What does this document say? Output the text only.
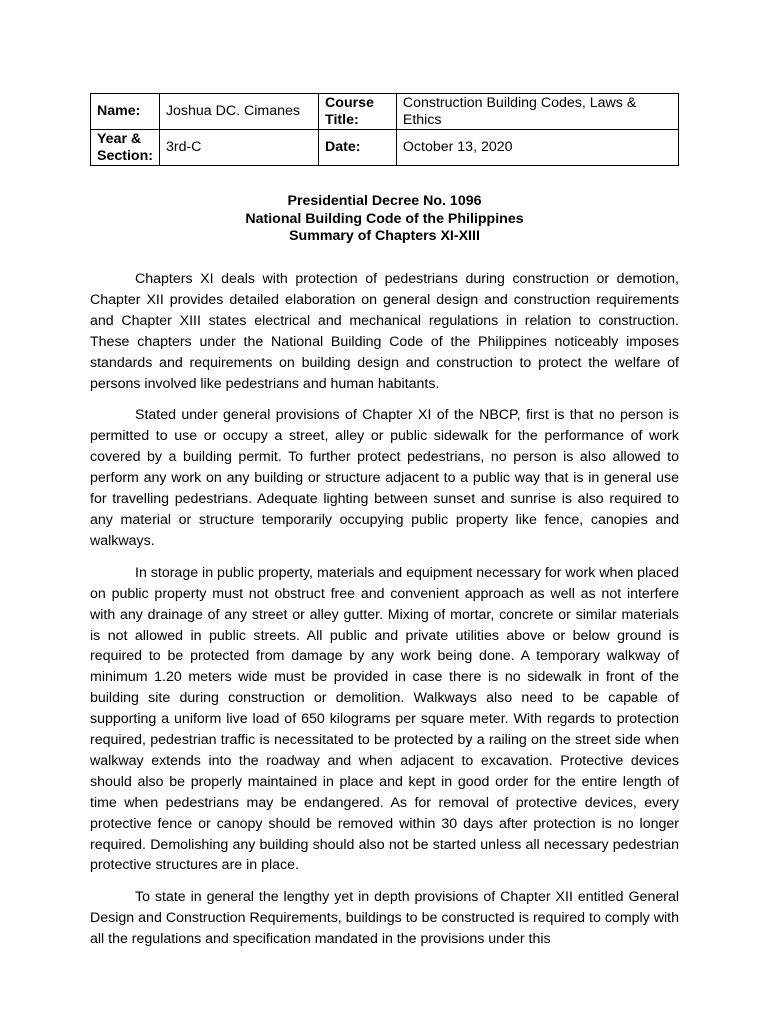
Name:	Joshua DC. Cimanes	Course Title:	Construction Building Codes, Laws & Ethics
Year & Section:	3rd-C	Date:	October 13, 2020
Presidential Decree No. 1096
National Building Code of the Philippines
Summary of Chapters XI-XIII

Chapters XI deals with protection of pedestrians during construction or demotion, Chapter XII provides detailed elaboration on general design and construction requirements and Chapter XIII states electrical and mechanical regulations in relation to construction. These chapters under the National Building Code of the Philippines noticeably imposes standards and requirements on building design and construction to protect the welfare of persons involved like pedestrians and human habitants.

Stated under general provisions of Chapter XI of the NBCP, first is that no person is permitted to use or occupy a street, alley or public sidewalk for the performance of work covered by a building permit. To further protect pedestrians, no person is also allowed to perform any work on any building or structure adjacent to a public way that is in general use for travelling pedestrians. Adequate lighting between sunset and sunrise is also required to any material or structure temporarily occupying public property like fence, canopies and walkways.

In storage in public property, materials and equipment necessary for work when placed on public property must not obstruct free and convenient approach as well as not interfere with any drainage of any street or alley gutter. Mixing of mortar, concrete or similar materials is not allowed in public streets. All public and private utilities above or below ground is required to be protected from damage by any work being done. A temporary walkway of minimum 1.20 meters wide must be provided in case there is no sidewalk in front of the building site during construction or demolition. Walkways also need to be capable of supporting a uniform live load of 650 kilograms per square meter. With regards to protection required, pedestrian traffic is necessitated to be protected by a railing on the street side when walkway extends into the roadway and when adjacent to excavation. Protective devices should also be properly maintained in place and kept in good order for the entire length of time when pedestrians may be endangered. As for removal of protective devices, every protective fence or canopy should be removed within 30 days after protection is no longer required. Demolishing any building should also not be started unless all necessary pedestrian protective structures are in place.

To state in general the lengthy yet in depth provisions of Chapter XII entitled General Design and Construction Requirements, buildings to be constructed is required to comply with all the regulations and specification mandated in the provisions under this
